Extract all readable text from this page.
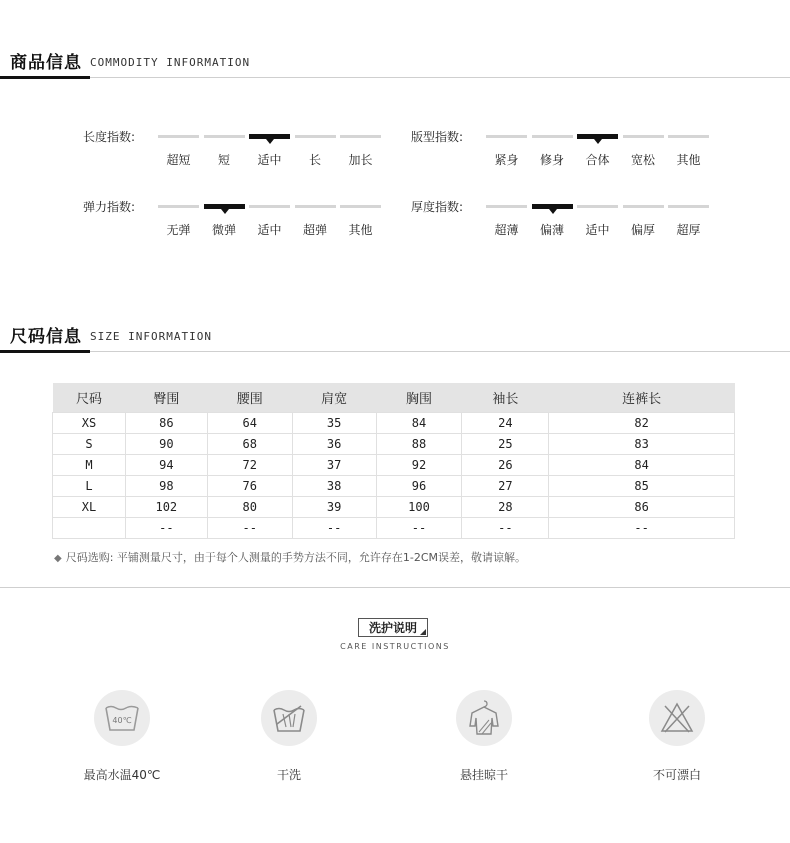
商品信息 COMMODITY INFORMATION
长度指数:
超短	短	适中	长	加长
版型指数:
紧身	修身	合体	宽松	其他
弹力指数:
无弹	微弹	适中	超弹	其他
厚度指数:
超薄	偏薄	适中	偏厚	超厚
尺码信息 SIZE INFORMATION
尺码	臀围	腰围	肩宽	胸围	袖长	连裤长
XS	86	64	35	84	24	82
S	90	68	36	88	25	83
M	94	72	37	92	26	84
L	98	76	38	96	27	85
XL	102	80	39	100	28	86
	--	--	--	--	--	--
◆ 尺码选购: 平铺测量尺寸，由于每个人测量的手势方法不同，允许存在1-2CM误差，敬请谅解。
洗护说明
CARE INSTRUCTIONS
40℃
最高水温40℃	干洗	悬挂晾干	不可漂白
